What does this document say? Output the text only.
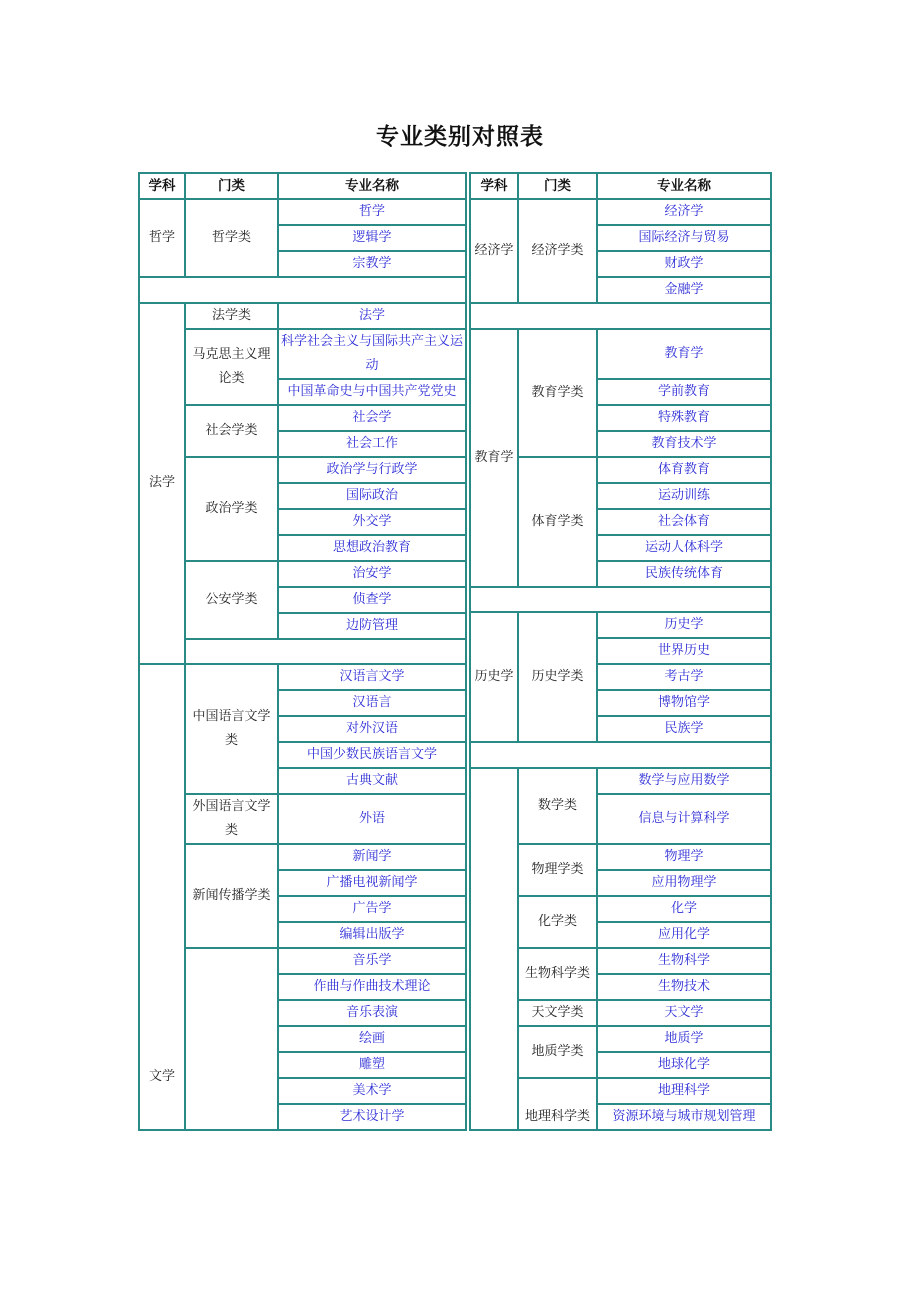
专业类别对照表
学科	门类	专业名称
哲学	哲学类	哲学
		逻辑学
		宗教学

法学	法学类	法学
	马克思主义理论类	科学社会主义与国际共产主义运动
		中国革命史与中国共产党党史
	社会学类	社会学
		社会工作
	政治学类	政治学与行政学
		国际政治
		外交学
		思想政治教育
	公安学类	治安学
		侦查学
		边防管理

文学	中国语言文学类	汉语言文学
		汉语言
		对外汉语
		中国少数民族语言文学
		古典文献
	外国语言文学类	外语
	新闻传播学类	新闻学
		广播电视新闻学
		广告学
		编辑出版学
		音乐学
		作曲与作曲技术理论
		音乐表演
		绘画
		雕塑
		美术学
		艺术设计学
学科	门类	专业名称
经济学	经济学类	经济学
		国际经济与贸易
		财政学
		金融学

教育学	教育学类	教育学
		学前教育
		特殊教育
		教育技术学
	体育学类	体育教育
		运动训练
		社会体育
		运动人体科学
		民族传统体育

历史学	历史学类	历史学
		世界历史
		考古学
		博物馆学
		民族学

	数学类	数学与应用数学
		信息与计算科学
	物理学类	物理学
		应用物理学
	化学类	化学
		应用化学
	生物科学类	生物科学
		生物技术
	天文学类	天文学
	地质学类	地质学
		地球化学
	地理科学类	地理科学
		资源环境与城市规划管理
